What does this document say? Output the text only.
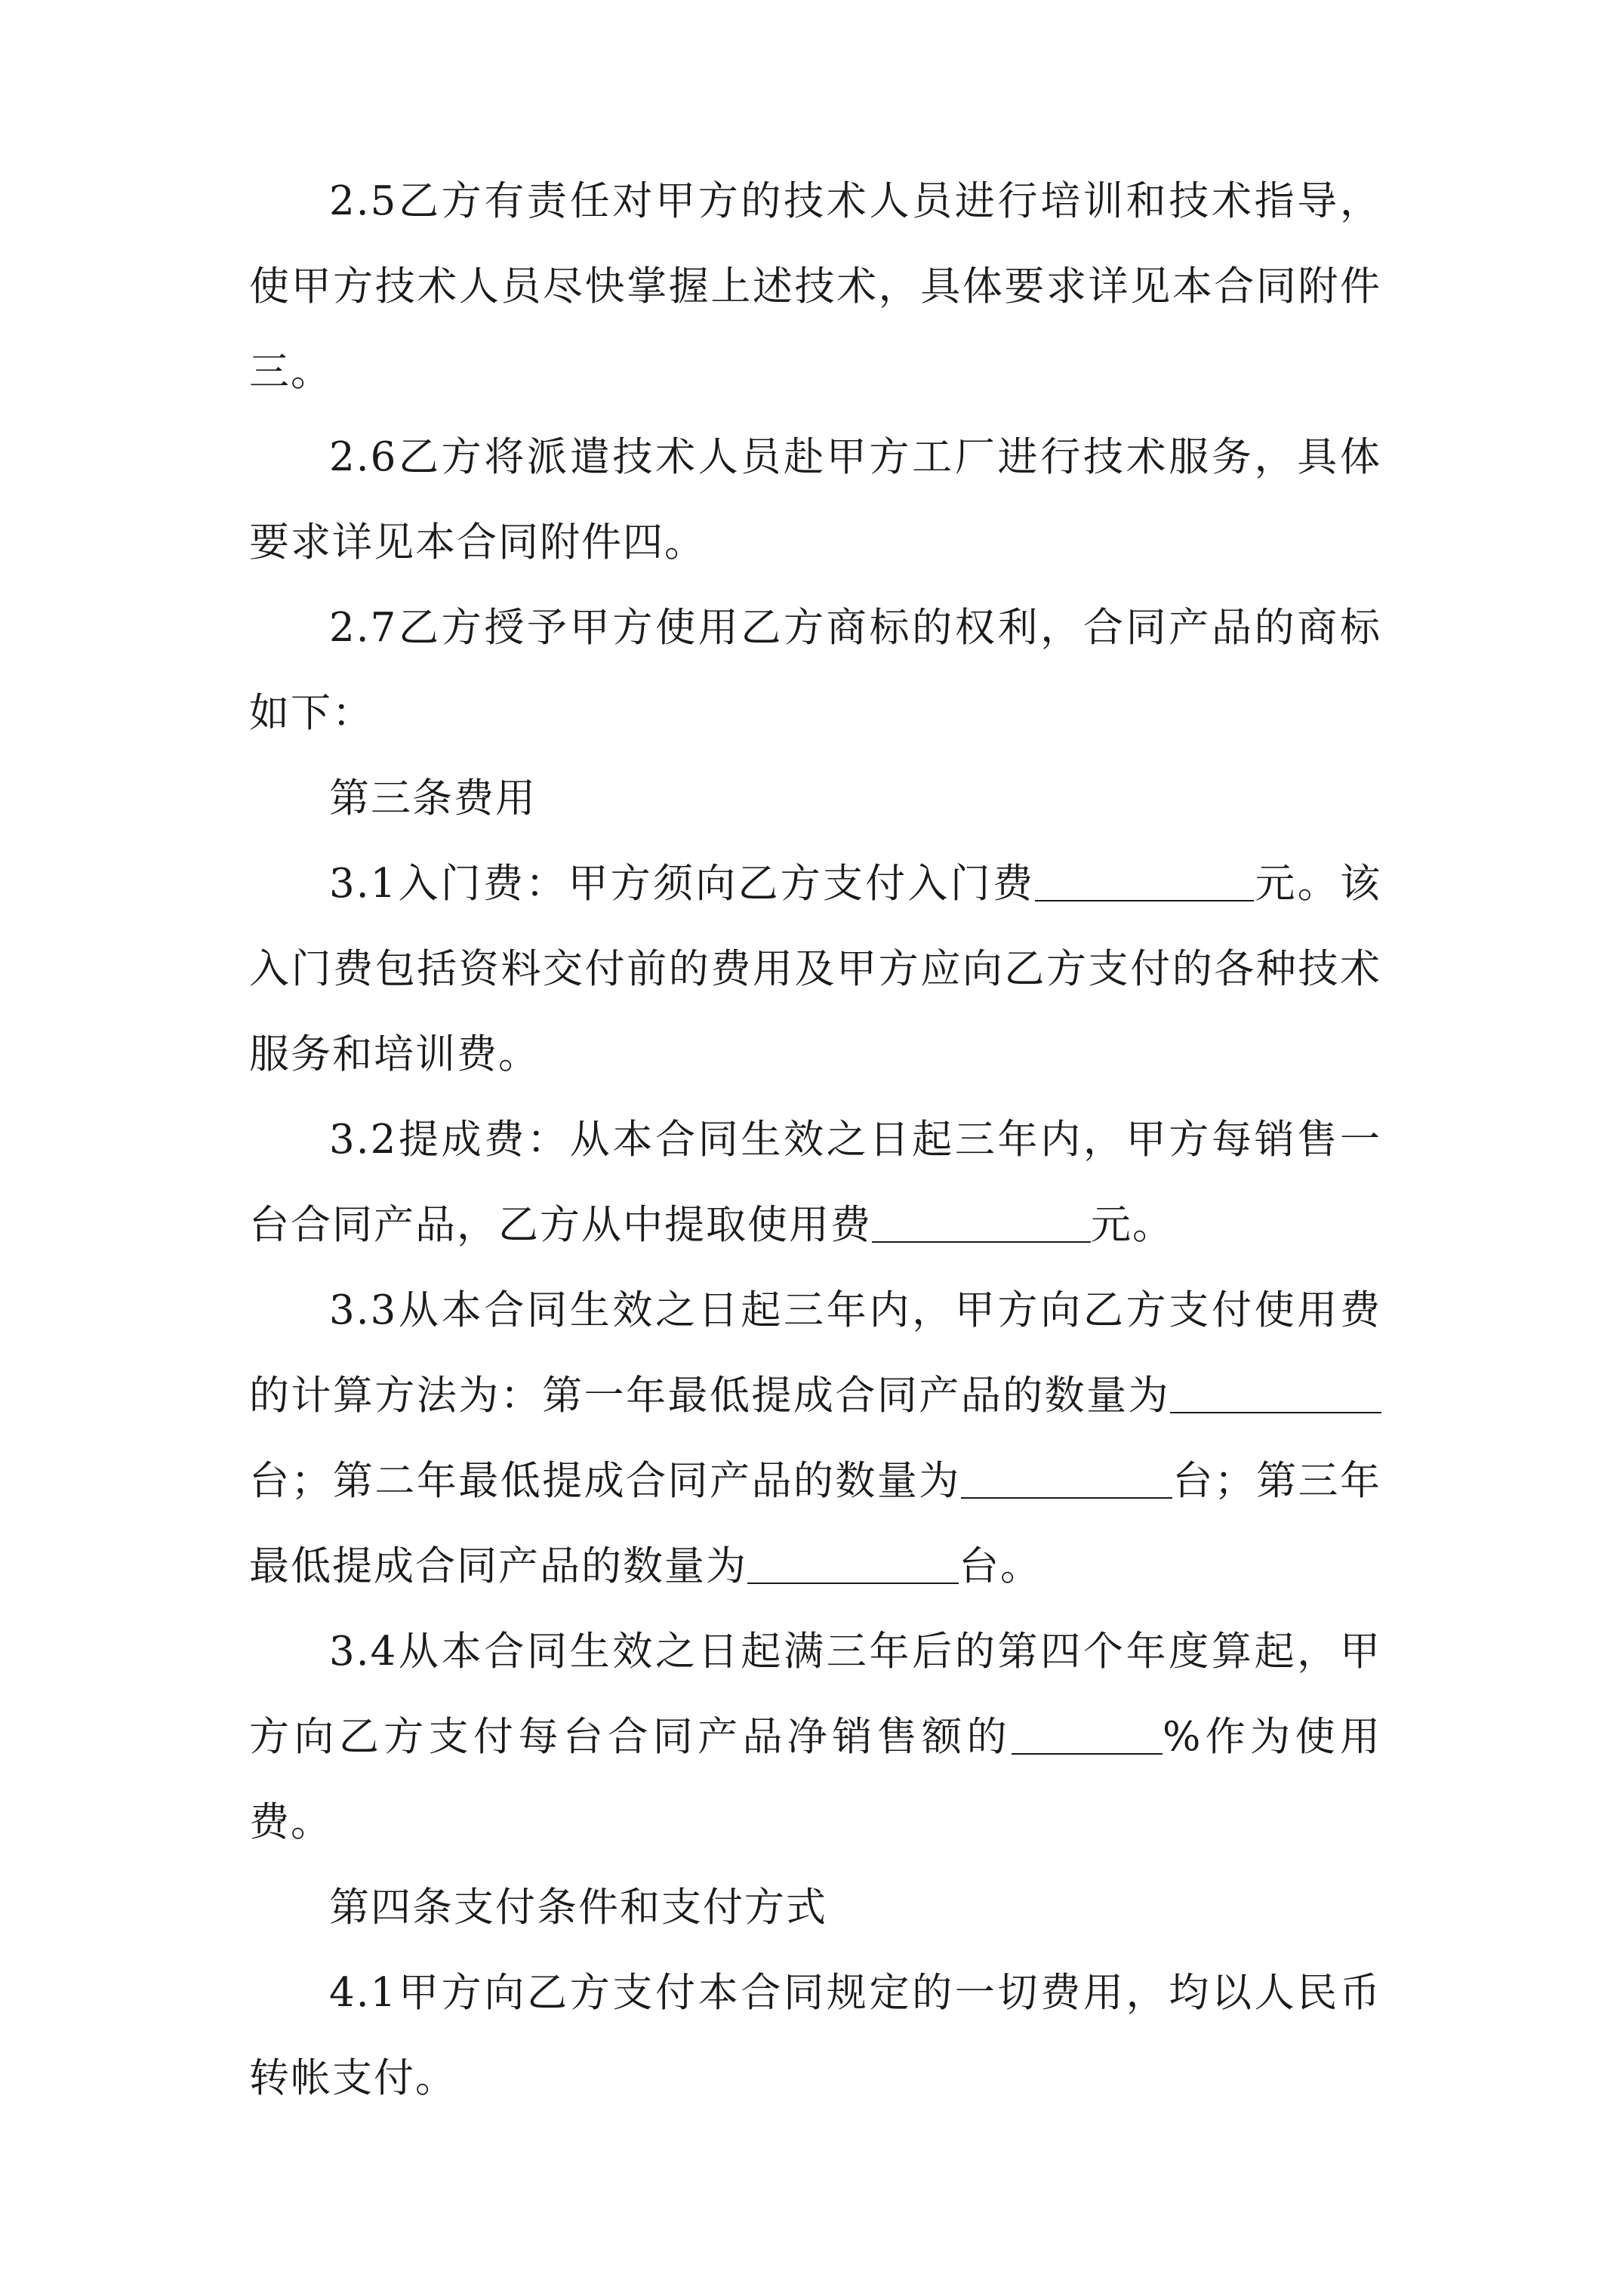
2.5乙方有责任对甲方的技术人员进行培训和技术指导，使甲方技术人员尽快掌握上述技术，具体要求详见本合同附件三。

2.6乙方将派遣技术人员赴甲方工厂进行技术服务，具体要求详见本合同附件四。

2.7乙方授予甲方使用乙方商标的权利，合同产品的商标如下：

第三条费用

3.1入门费：甲方须向乙方支付入门费	元。该入门费包括资料交付前的费用及甲方应向乙方支付的各种技术服务和培训费。

3.2提成费：从本合同生效之日起三年内，甲方每销售一台合同产品，乙方从中提取使用费	元。

3.3从本合同生效之日起三年内，甲方向乙方支付使用费的计算方法为：第一年最低提成合同产品的数量为台；第二年最低提成合同产品的数量为	台；第三年最低提成合同产品的数量为	台。

3.4从本合同生效之日起满三年后的第四个年度算起，甲方向乙方支付每台合同产品净销售额的	%作为使用费。

第四条支付条件和支付方式

4.1甲方向乙方支付本合同规定的一切费用，均以人民币转帐支付。
